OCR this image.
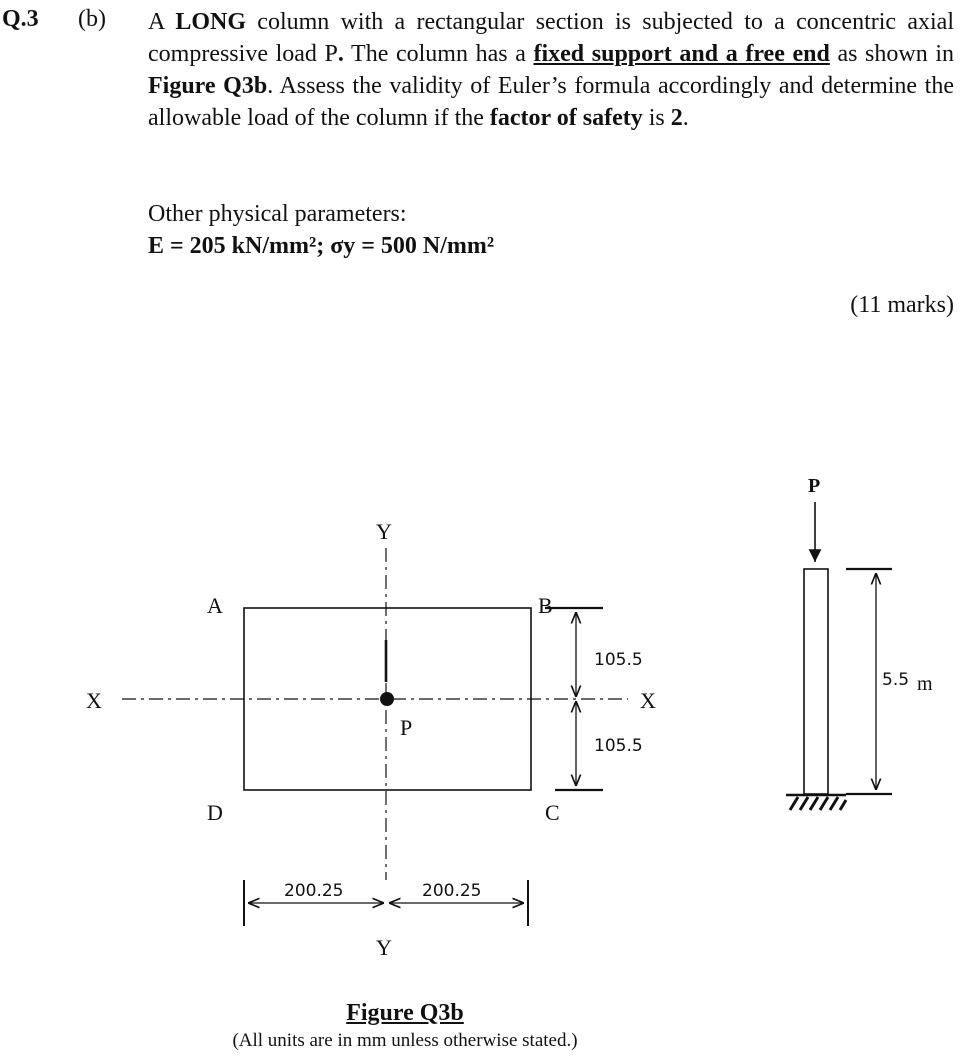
Q.3 (b) A LONG column with a rectangular section is subjected to a concentric axial compressive load P. The column has a fixed support and a free end as shown in Figure Q3b. Assess the validity of Euler’s formula accordingly and determine the allowable load of the column if the factor of safety is 2.
Other physical parameters:
E = 205 kN/mm²; σy = 500 N/mm²
(11 marks)
X	X
Y
Y
A	B
C
D
P
105.5
105.5
200.25	200.25
P
5.5 m
Figure Q3b
(All units are in mm unless otherwise stated.)
